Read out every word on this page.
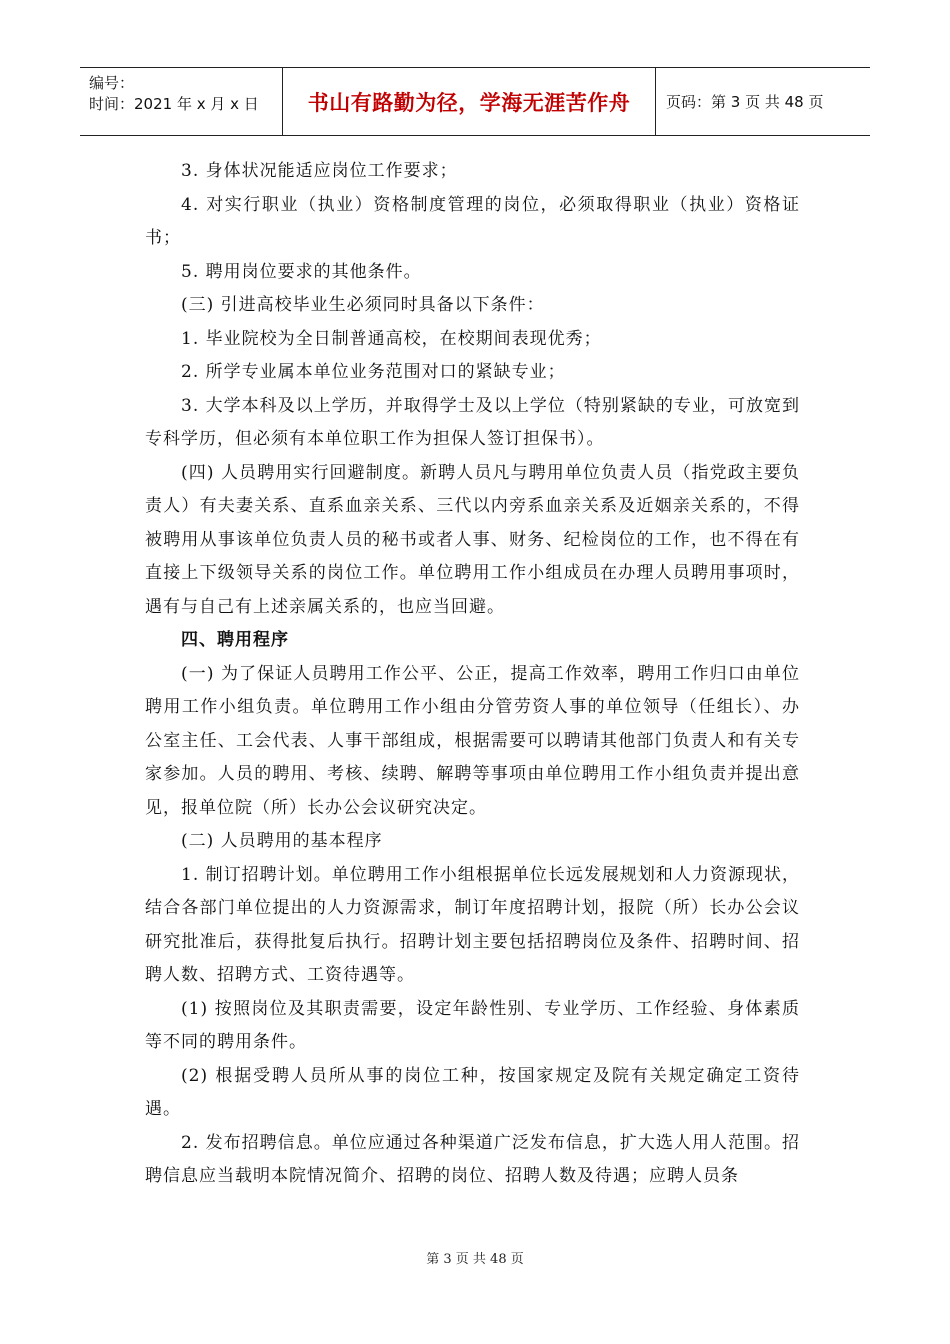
编号：
时间：2021 年 x 月 x 日	书山有路勤为径，学海无涯苦作舟 页码：第 3 页 共 48 页

3. 身体状况能适应岗位工作要求；

4. 对实行职业（执业）资格制度管理的岗位，必须取得职业（执业）资格证书；

5. 聘用岗位要求的其他条件。

(三) 引进高校毕业生必须同时具备以下条件：

1. 毕业院校为全日制普通高校，在校期间表现优秀；

2. 所学专业属本单位业务范围对口的紧缺专业；

3. 大学本科及以上学历，并取得学士及以上学位（特别紧缺的专业，可放宽到专科学历，但必须有本单位职工作为担保人签订担保书）。

(四) 人员聘用实行回避制度。新聘人员凡与聘用单位负责人员（指党政主要负责人）有夫妻关系、直系血亲关系、三代以内旁系血亲关系及近姻亲关系的，不得被聘用从事该单位负责人员的秘书或者人事、财务、纪检岗位的工作，也不得在有直接上下级领导关系的岗位工作。单位聘用工作小组成员在办理人员聘用事项时，遇有与自己有上述亲属关系的，也应当回避。

四、聘用程序

(一) 为了保证人员聘用工作公平、公正，提高工作效率，聘用工作归口由单位聘用工作小组负责。单位聘用工作小组由分管劳资人事的单位领导（任组长）、办公室主任、工会代表、人事干部组成，根据需要可以聘请其他部门负责人和有关专家参加。人员的聘用、考核、续聘、解聘等事项由单位聘用工作小组负责并提出意见，报单位院（所）长办公会议研究决定。

(二) 人员聘用的基本程序

1. 制订招聘计划。单位聘用工作小组根据单位长远发展规划和人力资源现状，结合各部门单位提出的人力资源需求，制订年度招聘计划，报院（所）长办公会议研究批准后，获得批复后执行。招聘计划主要包括招聘岗位及条件、招聘时间、招聘人数、招聘方式、工资待遇等。

(1) 按照岗位及其职责需要，设定年龄性别、专业学历、工作经验、身体素质等不同的聘用条件。

(2) 根据受聘人员所从事的岗位工种，按国家规定及院有关规定确定工资待遇。

2. 发布招聘信息。单位应通过各种渠道广泛发布信息，扩大选人用人范围。招聘信息应当载明本院情况简介、招聘的岗位、招聘人数及待遇；应聘人员条

第 3 页 共 48 页
